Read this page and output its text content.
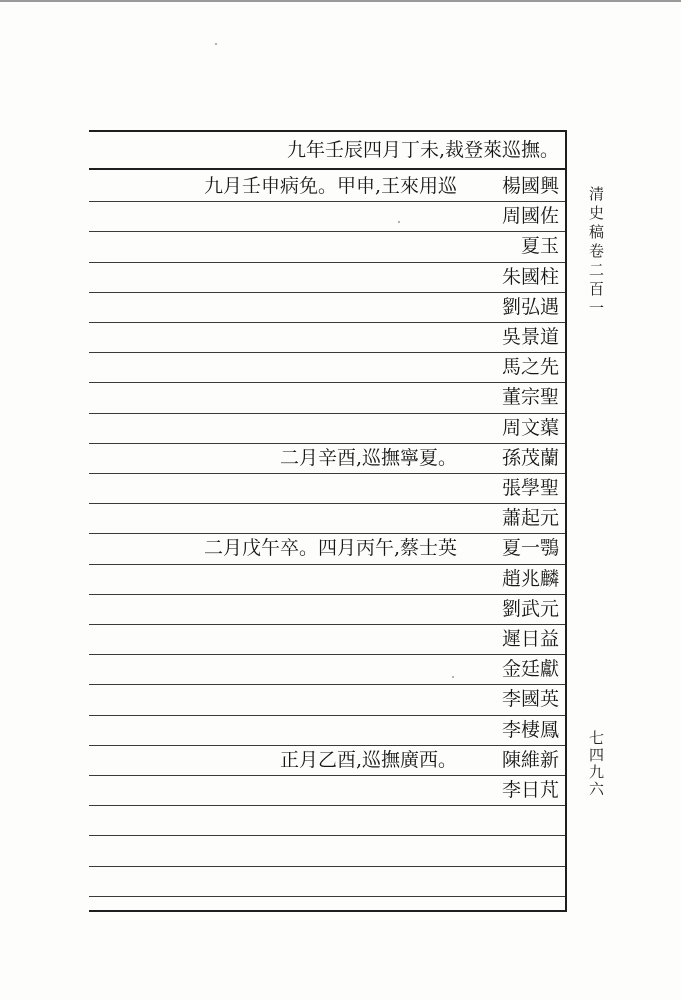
九年壬辰四月丁未,裁登萊巡撫。
楊國興
九月壬申病免。甲申,王來用巡
周國佐
夏玉
朱國柱
劉弘遇
吳景道
馬之先
董宗聖
周文蕖
孫茂蘭
二月辛酉,巡撫寧夏。
張學聖
蕭起元
夏一鶚
二月戊午卒。四月丙午,蔡士英
趙兆麟
劉武元
遲日益
金廷獻
李國英
李棲鳳
陳維新
正月乙酉,巡撫廣西。
李日芃
清史稿卷二百一
七四九六
